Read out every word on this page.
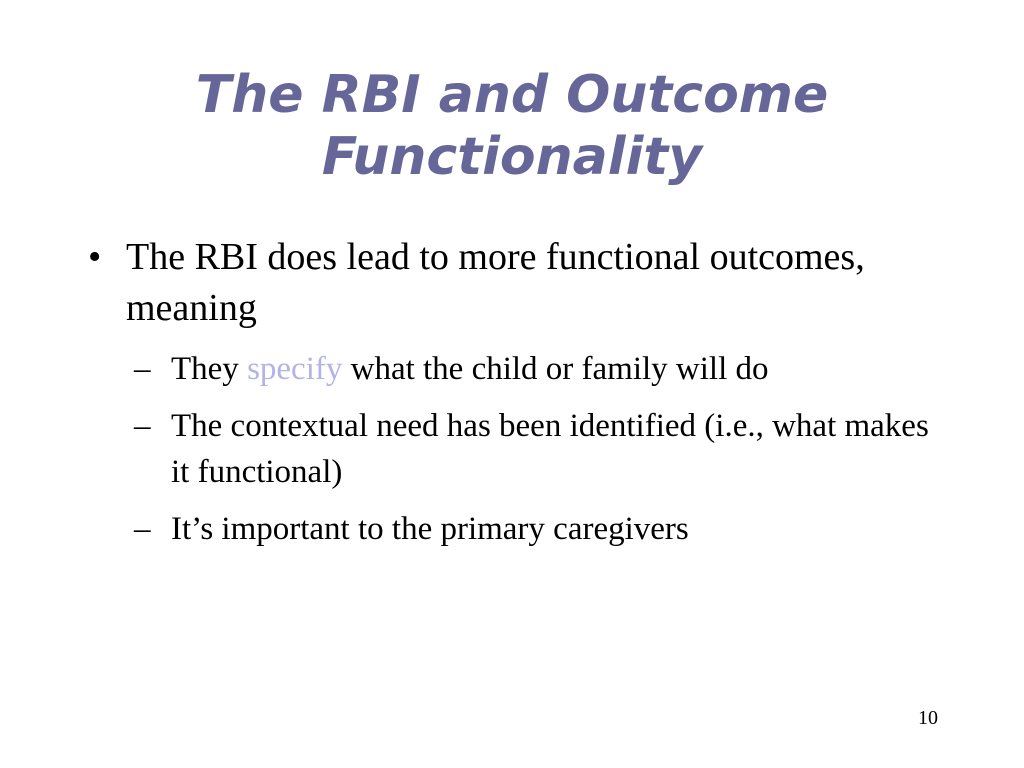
The RBI and Outcome
Functionality

• The RBI does lead to more functional outcomes, meaning

– They specify what the child or family will do
– The contextual need has been identified (i.e., what makes it functional)
– It’s important to the primary caregivers
10
